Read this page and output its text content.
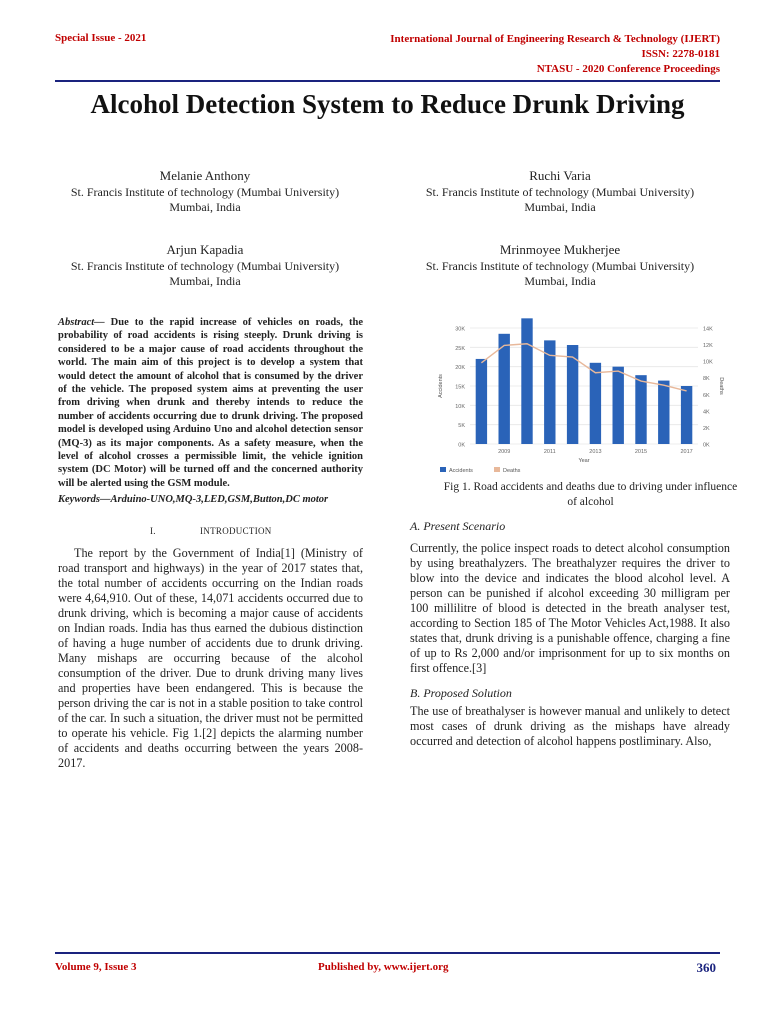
Special Issue - 2021	International Journal of Engineering Research & Technology (IJERT)
ISSN: 2278-0181
NTASU - 2020 Conference Proceedings
Alcohol Detection System to Reduce Drunk Driving
Melanie Anthony
St. Francis Institute of technology (Mumbai University)
Mumbai, India
Ruchi Varia
St. Francis Institute of technology (Mumbai University)
Mumbai, India
Arjun Kapadia
St. Francis Institute of technology (Mumbai University)
Mumbai, India
Mrinmoyee Mukherjee
St. Francis Institute of technology (Mumbai University)
Mumbai, India
Abstract— Due to the rapid increase of vehicles on roads, the probability of road accidents is rising steeply. Drunk driving is considered to be a major cause of road accidents throughout the world. The main aim of this project is to develop a system that would detect the amount of alcohol that is consumed by the driver of the vehicle. The proposed system aims at preventing the user from driving when drunk and thereby intends to reduce the number of accidents occurring due to drunk driving. The proposed model is developed using Arduino Uno and alcohol detection sensor (MQ-3) as its major components. As a safety measure, when the level of alcohol crosses a permissible limit, the vehicle ignition system (DC Motor) will be turned off and the concerned authority will be alerted using the GSM module.
Keywords—Arduino-UNO,MQ-3,LED,GSM,Button,DC motor
I.	INTRODUCTION
The report by the Government of India[1] (Ministry of road transport and highways) in the year of 2017 states that, the total number of accidents occurring on the Indian roads were 4,64,910. Out of these, 14,071 accidents occurred due to drunk driving, which is becoming a major cause of accidents on Indian roads. India has thus earned the dubious distinction of having a huge number of accidents due to drunk driving. Many mishaps are occurring because of the alcohol consumption of the driver. Due to drunk driving many lives and properties have been endangered. This is because the person driving the car is not in a stable position to take control of the car. In such a situation, the driver must not be permitted to operate his vehicle. Fig 1.[2] depicts the alarming number of accidents and deaths occurring between the years 2008-2017.
0K
5K
10K
15K
20K
25K
30K
0K
2K
4K
6K
8K
10K
12K
14K
2009	2011	2013	2015	2017
Year
Accidents	Deaths
Accidents	Deaths
Fig 1. Road accidents and deaths due to driving under influence of alcohol
A. Present Scenario
Currently, the police inspect roads to detect alcohol consumption by using breathalyzers. The breathalyzer requires the driver to blow into the device and indicates the blood alcohol level. A person can be punished if alcohol exceeding 30 milligram per 100 millilitre of blood is detected in the breath analyser test, according to Section 185 of The Motor Vehicles Act,1988. It also states that, drunk driving is a punishable offence, charging a fine of up to Rs 2,000 and/or imprisonment for up to six months on first offence.[3]
B. Proposed Solution
The use of breathalyser is however manual and unlikely to detect most cases of drunk driving as the mishaps have already occurred and detection of alcohol happens postliminary. Also,
Volume 9, Issue 3	Published by, www.ijert.org	360
